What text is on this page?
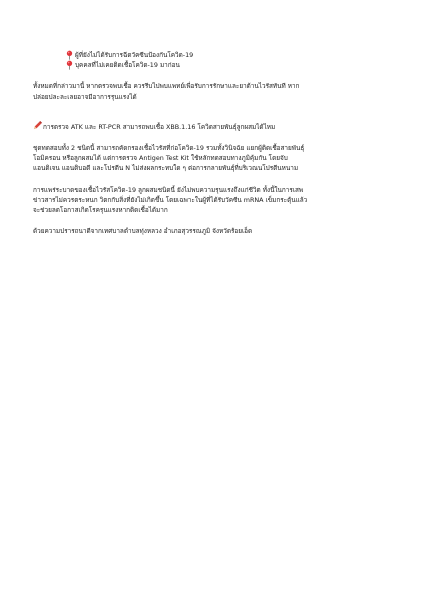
ผู้ที่ยังไม่ได้รับการฉีดวัคซีนป้องกันโควิด-19
บุคคลที่ไม่เคยติดเชื้อโควิด-19 มาก่อน

ทั้งหมดที่กล่าวมานี้ หากตรวจพบเชื้อ ควรรีบไปพบแพทย์เพื่อรับการรักษาและยาต้านไวรัสทันที หาก
ปล่อยปละละเลยอาจมีอาการรุนแรงได้

การตรวจ ATK และ RT-PCR สามารถพบเชื้อ XBB.1.16 โควิดสายพันธุ์ลูกผสมได้ไหม

ชุดทดสอบทั้ง 2 ชนิดนี้ สามารถคัดกรองเชื้อไวรัสที่ก่อโควิด-19 รวมทั้งวินิจฉัย แยกผู้ติดเชื้อสายพันธุ์
โอมิครอน หรือลูกผสมได้ แต่การตรวจ Antigen Test Kit ใช้หลักทดสอบทางภูมิคุ้มกัน โดยจับ
แอนติเจน แอนติบอดี และโปรตีน N ไม่ส่งผลกระทบใด ๆ ต่อการกลายพันธุ์ที่บริเวณนโปรตีนหนาม

การแพร่ระบาดของเชื้อไวรัสโควิด-19 ลูกผสมชนิดนี้ ยังไม่พบความรุนแรงถึงแก่ชีวิต ทั้งนี้ในการเสพ
ข่าวสารไม่ควรตระหนก วิตกกับสิ่งที่ยังไม่เกิดขึ้น โดยเฉพาะในผู้ที่ได้รับวัคซีน mRNA เข็มกระตุ้นแล้ว
จะช่วยลดโอกาสเกิดโรครุนแรงหากติดเชื้อได้มาก

ด้วยความปรารถนาดีจากเทศบาลตำบลทุ่งหลวง อำเภอสุวรรณภูมิ จังหวัดร้อยเอ็ด
